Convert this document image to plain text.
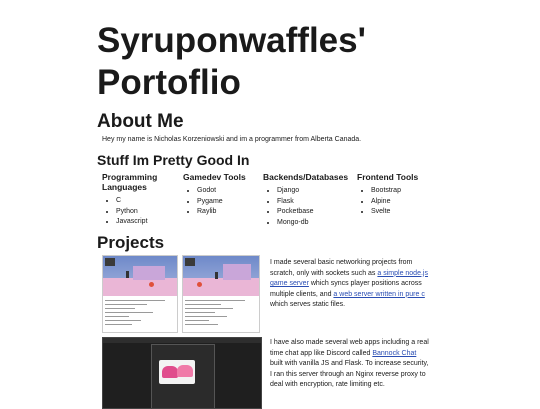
Syruponwaffles' Portoflio
About Me
Hey my name is Nicholas Korzeniowski and im a programmer from Alberta Canada.
Stuff Im Pretty Good In
Programming Languages
• C
• Python
• Javascript
Gamedev Tools
• Godot
• Pygame
• Raylib
Backends/Databases
• Django
• Flask
• Pocketbase
• Mongo-db
Frontend Tools
• Bootstrap
• Alpine
• Svelte
Projects
I made several basic networking projects from scratch, only with sockets such as a simple node.js game server which syncs player positions across multiple clients, and a web server written in pure c which serves static files.
I have also made several web apps including a real time chat app like Discord called Bannock Chat built with vanilla JS and Flask. To increase security, I ran this server through an Nginx reverse proxy to deal with encryption, rate limiting etc.
